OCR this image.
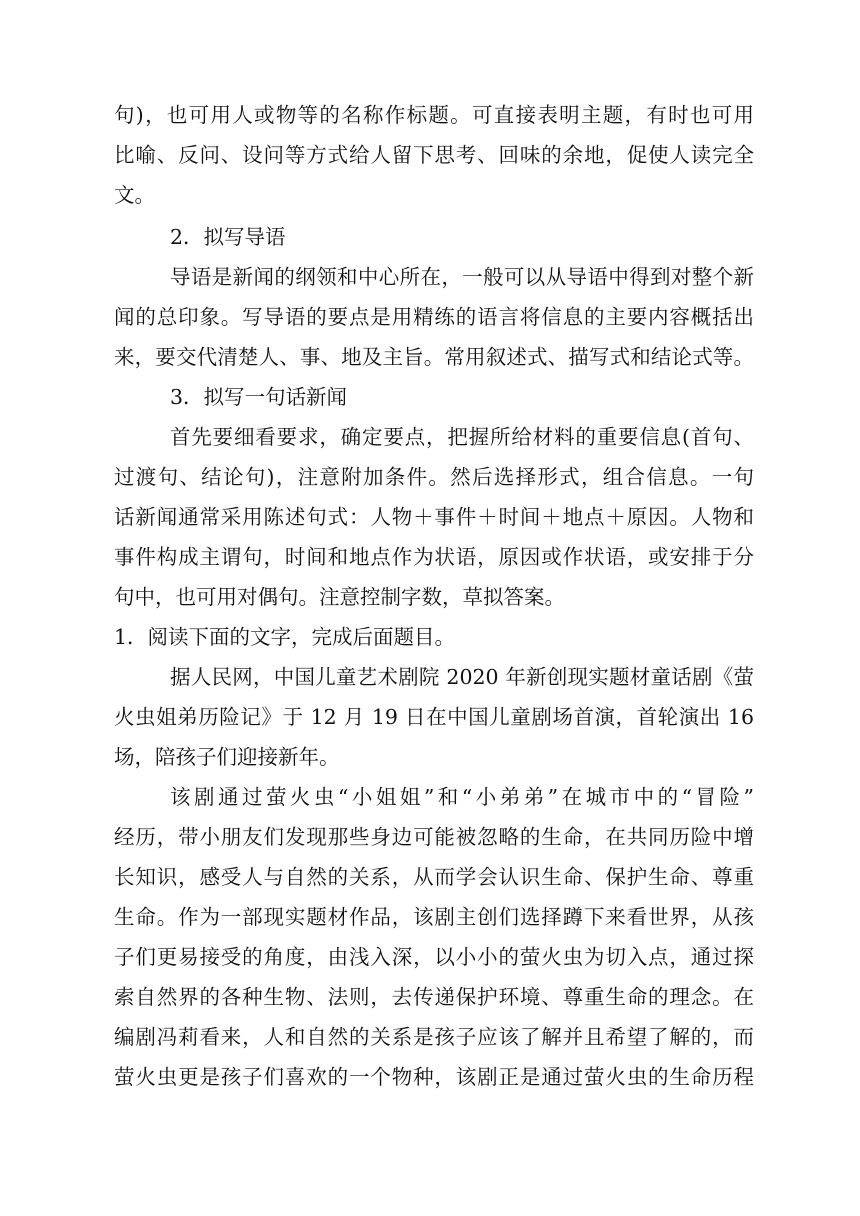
句)，也可用人或物等的名称作标题。可直接表明主题，有时也可用
比喻、反问、设问等方式给人留下思考、回味的余地，促使人读完全
文。
2．拟写导语
导语是新闻的纲领和中心所在，一般可以从导语中得到对整个新
闻的总印象。写导语的要点是用精练的语言将信息的主要内容概括出
来，要交代清楚人、事、地及主旨。常用叙述式、描写式和结论式等。
3．拟写一句话新闻
首先要细看要求，确定要点，把握所给材料的重要信息(首句、
过渡句、结论句)，注意附加条件。然后选择形式，组合信息。一句
话新闻通常采用陈述句式：人物＋事件＋时间＋地点＋原因。人物和
事件构成主谓句，时间和地点作为状语，原因或作状语，或安排于分
句中，也可用对偶句。注意控制字数，草拟答案。
1．阅读下面的文字，完成后面题目。
据人民网，中国儿童艺术剧院 2020 年新创现实题材童话剧《萤
火虫姐弟历险记》于 12 月 19 日在中国儿童剧场首演，首轮演出 16
场，陪孩子们迎接新年。
该剧通过萤火虫“小姐姐”和“小弟弟”在城市中的“冒险”
经历，带小朋友们发现那些身边可能被忽略的生命，在共同历险中增
长知识，感受人与自然的关系，从而学会认识生命、保护生命、尊重
生命。作为一部现实题材作品，该剧主创们选择蹲下来看世界，从孩
子们更易接受的角度，由浅入深，以小小的萤火虫为切入点，通过探
索自然界的各种生物、法则，去传递保护环境、尊重生命的理念。在
编剧冯莉看来，人和自然的关系是孩子应该了解并且希望了解的，而
萤火虫更是孩子们喜欢的一个物种，该剧正是通过萤火虫的生命历程
